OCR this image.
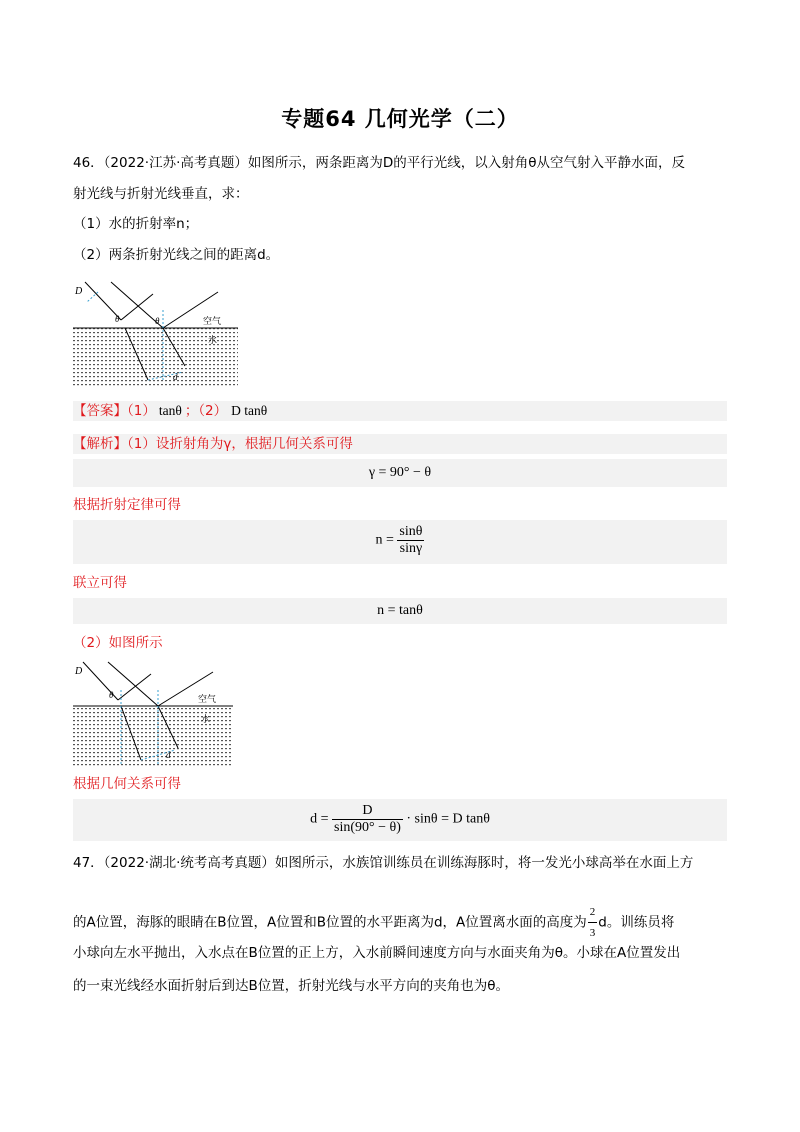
专题64 几何光学（二）
46．（2022·江苏·高考真题）如图所示，两条距离为D的平行光线，以入射角θ从空气射入平静水面，反
射光线与折射光线垂直，求：
（1）水的折射率n；
（2）两条折射光线之间的距离d。
D
θ	θ	空气
水
d
【答案】（1） tanθ ；（2） D tanθ
【解析】（1）设折射角为γ，根据几何关系可得
γ = 90° − θ
根据折射定律可得
$n = \frac{\sin\theta}{\sin\gamma}$
联立可得
n = tanθ
（2）如图所示
D
θ	空气
水
d
根据几何关系可得
$d = \frac{D}{\sin(90^\circ - \theta)} \cdot \sin\theta = D$ tanθ
47．（2022·湖北·统考高考真题）如图所示，水族馆训练员在训练海豚时，将一发光小球高举在水面上方
的A位置，海豚的眼睛在B位置，A位置和B位置的水平距离为d，A位置离水面的高度为 $\frac{2}{3}$ d。训练员将
小球向左水平抛出，入水点在B位置的正上方，入水前瞬间速度方向与水面夹角为θ。小球在A位置发出
的一束光线经水面折射后到达B位置，折射光线与水平方向的夹角也为θ。
